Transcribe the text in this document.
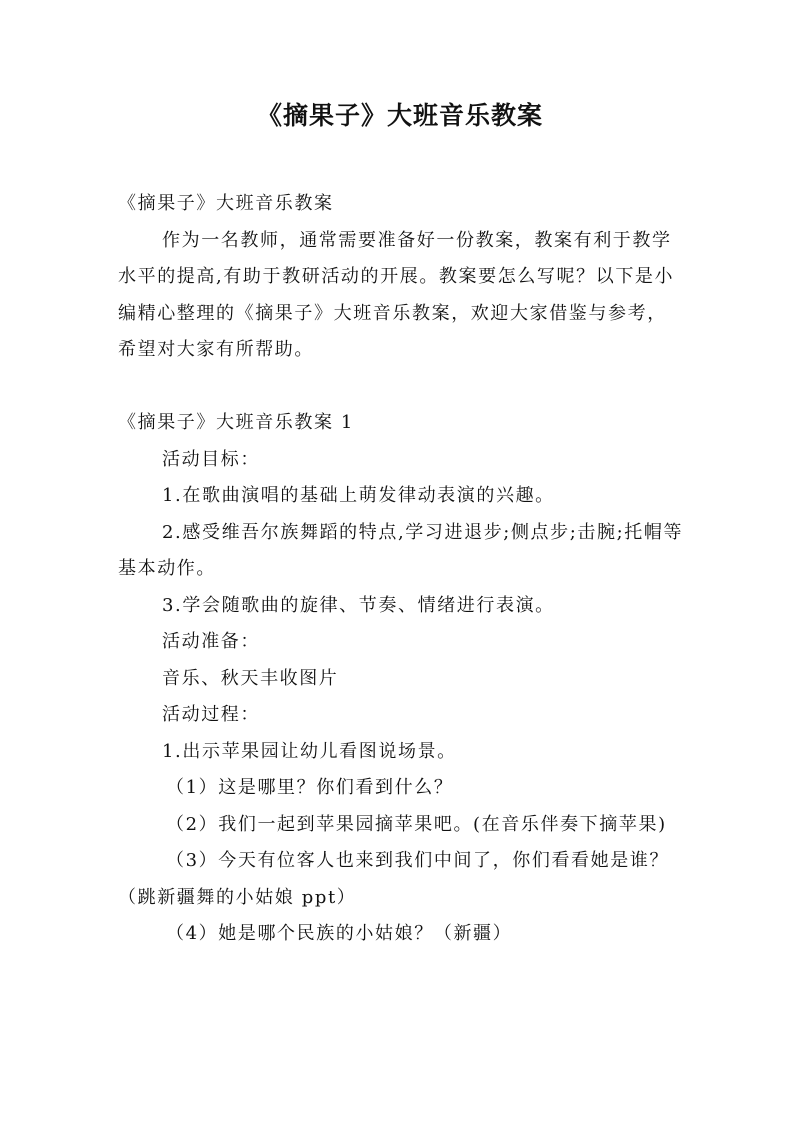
《摘果子》大班音乐教案

《摘果子》大班音乐教案

作为一名教师，通常需要准备好一份教案，教案有利于教学水平的提高,有助于教研活动的开展。教案要怎么写呢？以下是小编精心整理的《摘果子》大班音乐教案，欢迎大家借鉴与参考，希望对大家有所帮助。

《摘果子》大班音乐教案 1

活动目标：

1.在歌曲演唱的基础上萌发律动表演的兴趣。

2.感受维吾尔族舞蹈的特点,学习进退步;侧点步;击腕;托帽等基本动作。

3.学会随歌曲的旋律、节奏、情绪进行表演。

活动准备：

音乐、秋天丰收图片

活动过程：

1.出示苹果园让幼儿看图说场景。

（1）这是哪里？你们看到什么？

（2）我们一起到苹果园摘苹果吧。(在音乐伴奏下摘苹果)

（3）今天有位客人也来到我们中间了，你们看看她是谁？（跳新疆舞的小姑娘 ppt）

（4）她是哪个民族的小姑娘？（新疆）
